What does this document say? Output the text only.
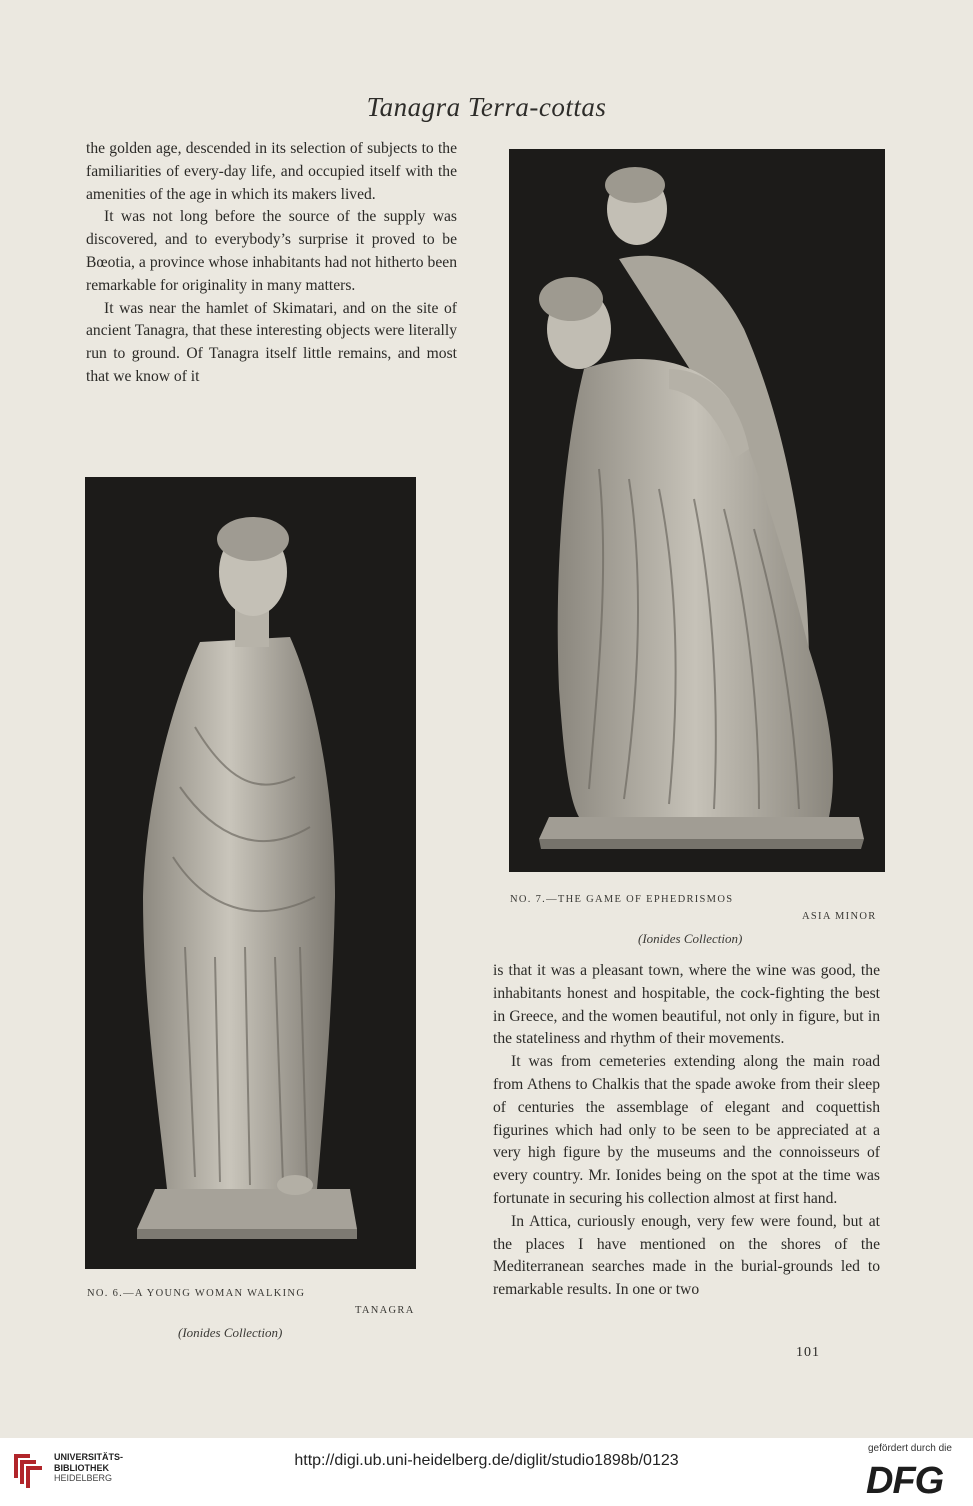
Tanagra Terra-cottas

the golden age, descended in its selection of subjects to the familiarities of every-day life, and occupied itself with the amenities of the age in which its makers lived.

It was not long before the source of the supply was discovered, and to everybody’s surprise it proved to be Bœotia, a province whose inhabitants had not hitherto been remarkable for originality in many matters.

It was near the hamlet of Skimatari, and on the site of ancient Tanagra, that these interesting objects were literally run to ground. Of Tanagra itself little remains, and most that we know of it

NO. 6.—A YOUNG WOMAN WALKING
TANAGRA
(Ionides Collection)
NO. 7.—THE GAME OF EPHEDRISMOS
ASIA MINOR
(Ionides Collection)

is that it was a pleasant town, where the wine was good, the inhabitants honest and hospitable, the cock-fighting the best in Greece, and the women beautiful, not only in figure, but in the stateliness and rhythm of their movements.

It was from cemeteries extending along the main road from Athens to Chalkis that the spade awoke from their sleep of centuries the assemblage of elegant and coquettish figurines which had only to be seen to be appreciated at a very high figure by the museums and the connoisseurs of every country. Mr. Ionides being on the spot at the time was fortunate in securing his collection almost at first hand.

In Attica, curiously enough, very few were found, but at the places I have mentioned on the shores of the Mediterranean searches made in the burial-grounds led to remarkable results. In one or two

101
UNIVERSITÄTS-
BIBLIOTHEK
HEIDELBERG
http://digi.ub.uni-heidelberg.de/diglit/studio1898b/0123
gefördert durch die
DFG
